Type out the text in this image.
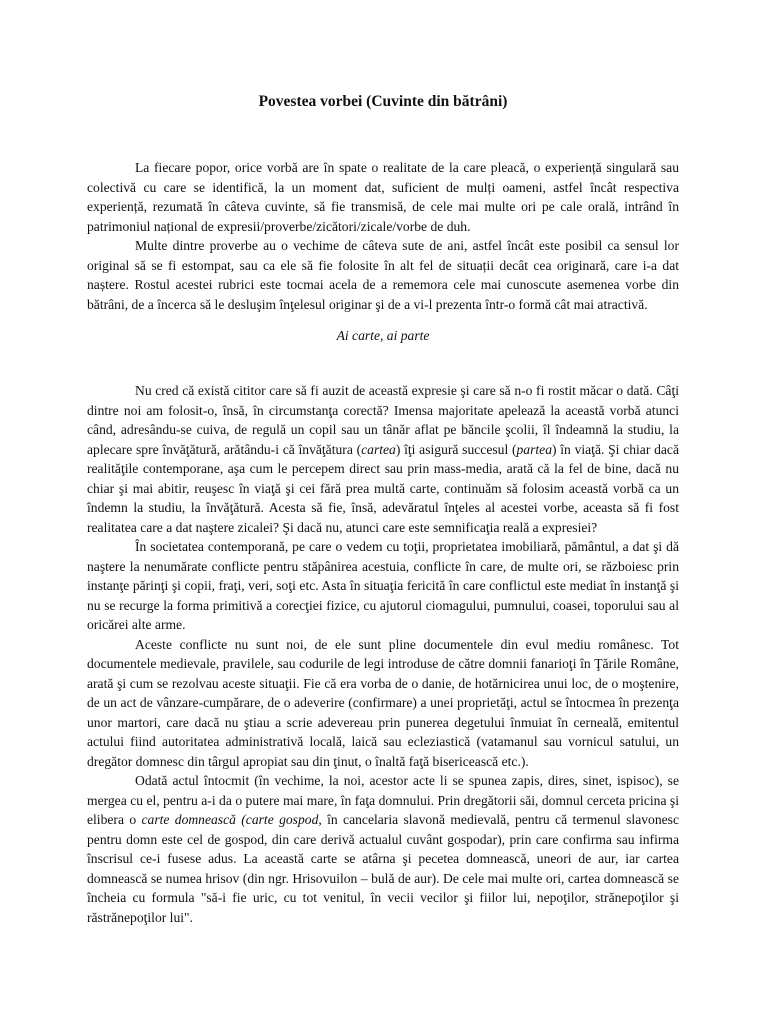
Povestea vorbei (Cuvinte din bătrâni)

La fiecare popor, orice vorbă are în spate o realitate de la care pleacă, o experiență singulară sau colectivă cu care se identifică, la un moment dat, suficient de mulți oameni, astfel încât respectiva experiență, rezumată în câteva cuvinte, să fie transmisă, de cele mai multe ori pe cale orală, intrând în patrimoniul național de expresii/proverbe/zicători/zicale/vorbe de duh.

Multe dintre proverbe au o vechime de câteva sute de ani, astfel încât este posibil ca sensul lor original să se fi estompat, sau ca ele să fie folosite în alt fel de situații decât cea originară, care i-a dat naștere. Rostul acestei rubrici este tocmai acela de a rememora cele mai cunoscute asemenea vorbe din bătrâni, de a încerca să le desluşim înţelesul originar şi de a vi-l prezenta într-o formă cât mai atractivă.

Ai carte, ai parte

Nu cred că există cititor care să fi auzit de această expresie şi care să n-o fi rostit măcar o dată. Câţi dintre noi am folosit-o, însă, în circumstanţa corectă? Imensa majoritate apelează la această vorbă atunci când, adresându-se cuiva, de regulă un copil sau un tânăr aflat pe băncile şcolii, îl îndeamnă la studiu, la aplecare spre învăţătură, arătându-i că învăţătura (cartea) îţi asigură succesul (partea) în viaţă. Şi chiar dacă realităţile contemporane, aşa cum le percepem direct sau prin mass-media, arată că la fel de bine, dacă nu chiar şi mai abitir, reuşesc în viaţă şi cei fără prea multă carte, continuăm să folosim această vorbă ca un îndemn la studiu, la învăţătură. Acesta să fie, însă, adevăratul înţeles al acestei vorbe, aceasta să fi fost realitatea care a dat naştere zicalei? Şi dacă nu, atunci care este semnificaţia reală a expresiei?

În societatea contemporană, pe care o vedem cu toţii, proprietatea imobiliară, pământul, a dat şi dă naştere la nenumărate conflicte pentru stăpânirea acestuia, conflicte în care, de multe ori, se războiesc prin instanţe părinţi şi copii, fraţi, veri, soţi etc. Asta în situaţia fericită în care conflictul este mediat în instanţă şi nu se recurge la forma primitivă a corecţiei fizice, cu ajutorul ciomagului, pumnului, coasei, toporului sau al oricărei alte arme.

Aceste conflicte nu sunt noi, de ele sunt pline documentele din evul mediu românesc. Tot documentele medievale, pravilele, sau codurile de legi introduse de către domnii fanarioţi în Ţările Române, arată şi cum se rezolvau aceste situaţii. Fie că era vorba de o danie, de hotărnicirea unui loc, de o moştenire, de un act de vânzare-cumpărare, de o adeverire (confirmare) a unei proprietăţi, actul se întocmea în prezenţa unor martori, care dacă nu ştiau a scrie adevereau prin punerea degetului înmuiat în cerneală, emitentul actului fiind autoritatea administrativă locală, laică sau ecleziastică (vatamanul sau vornicul satului, un dregător domnesc din târgul apropiat sau din ţinut, o înaltă faţă bisericească etc.).

Odată actul întocmit (în vechime, la noi, acestor acte li se spunea zapis, dires, sinet, ispisoc), se mergea cu el, pentru a-i da o putere mai mare, în faţa domnului. Prin dregătorii săi, domnul cerceta pricina şi elibera o carte domnească (carte gospod, în cancelaria slavonă medievală, pentru că termenul slavonesc pentru domn este cel de gospod, din care derivă actualul cuvânt gospodar), prin care confirma sau infirma înscrisul ce-i fusese adus. La această carte se atârna şi pecetea domnească, uneori de aur, iar cartea domnească se numea hrisov (din ngr. Hrisovuilon – bulă de aur). De cele mai multe ori, cartea domnească se încheia cu formula "să-i fie uric, cu tot venitul, în vecii vecilor şi fiilor lui, nepoţilor, strănepoţilor şi răstrănepoţilor lui".
